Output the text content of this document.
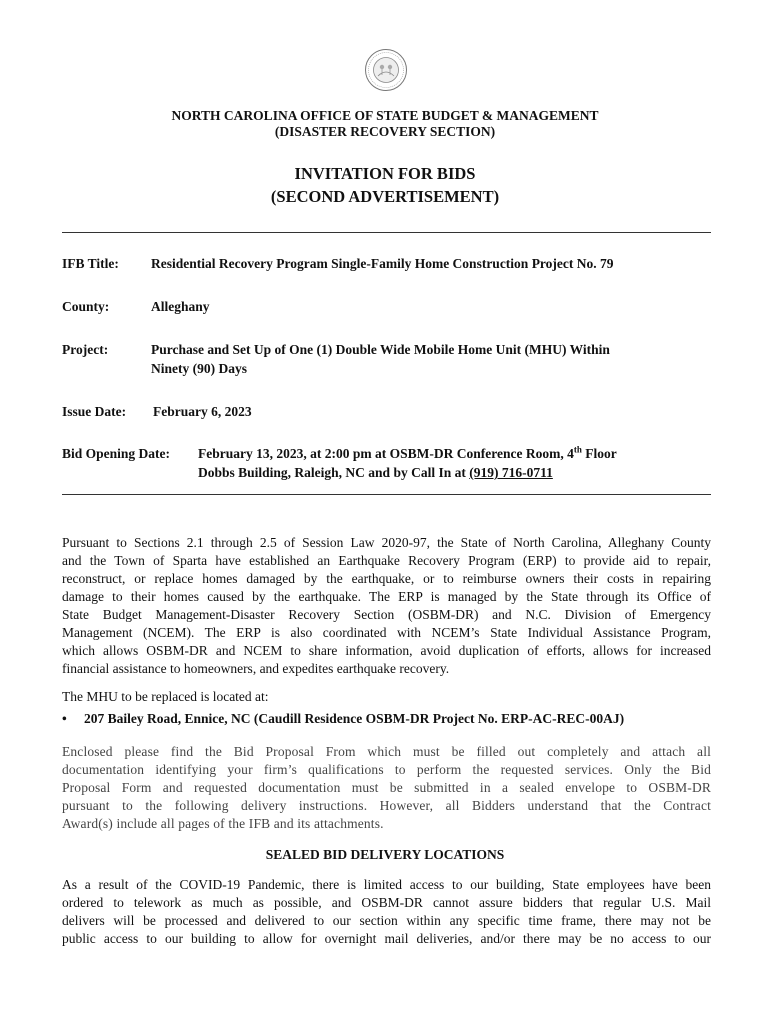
NORTH CAROLINA OFFICE OF STATE BUDGET & MANAGEMENT
(DISASTER RECOVERY SECTION)
INVITATION FOR BIDS
(SECOND ADVERTISEMENT)
IFB Title: Residential Recovery Program Single-Family Home Construction Project No. 79
County:	Alleghany
Project:	Purchase and Set Up of One (1) Double Wide Mobile Home Unit (MHU) Within
Ninety (90) Days
Issue Date: February 6, 2023
Bid Opening Date: February 13, 2023, at 2:00 pm at OSBM-DR Conference Room, 4th Floor
Dobbs Building, Raleigh, NC and by Call In at (919) 716-0711
Pursuant to Sections 2.1 through 2.5 of Session Law 2020-97, the State of North Carolina, Alleghany County
and the Town of Sparta have established an Earthquake Recovery Program (ERP) to provide aid to repair,
reconstruct, or replace homes damaged by the earthquake, or to reimburse owners their costs in repairing
damage to their homes caused by the earthquake. The ERP is managed by the State through its Office of
State Budget Management-Disaster Recovery Section (OSBM-DR) and N.C. Division of Emergency
Management (NCEM). The ERP is also coordinated with NCEM’s State Individual Assistance Program,
which allows OSBM-DR and NCEM to share information, avoid duplication of efforts, allows for increased
financial assistance to homeowners, and expedites earthquake recovery.
The MHU to be replaced is located at:
• 207 Bailey Road, Ennice, NC (Caudill Residence OSBM-DR Project No. ERP-AC-REC-00AJ)
Enclosed please find the Bid Proposal From which must be filled out completely and attach all
documentation identifying your firm’s qualifications to perform the requested services. Only the Bid
Proposal Form and requested documentation must be submitted in a sealed envelope to OSBM-DR
pursuant to the following delivery instructions. However, all Bidders understand that the Contract
Award(s) include all pages of the IFB and its attachments.
SEALED BID DELIVERY LOCATIONS
As a result of the COVID-19 Pandemic, there is limited access to our building, State employees have been
ordered to telework as much as possible, and OSBM-DR cannot assure bidders that regular U.S. Mail
delivers will be processed and delivered to our section within any specific time frame, there may not be
public access to our building to allow for overnight mail deliveries, and/or there may be no access to our
